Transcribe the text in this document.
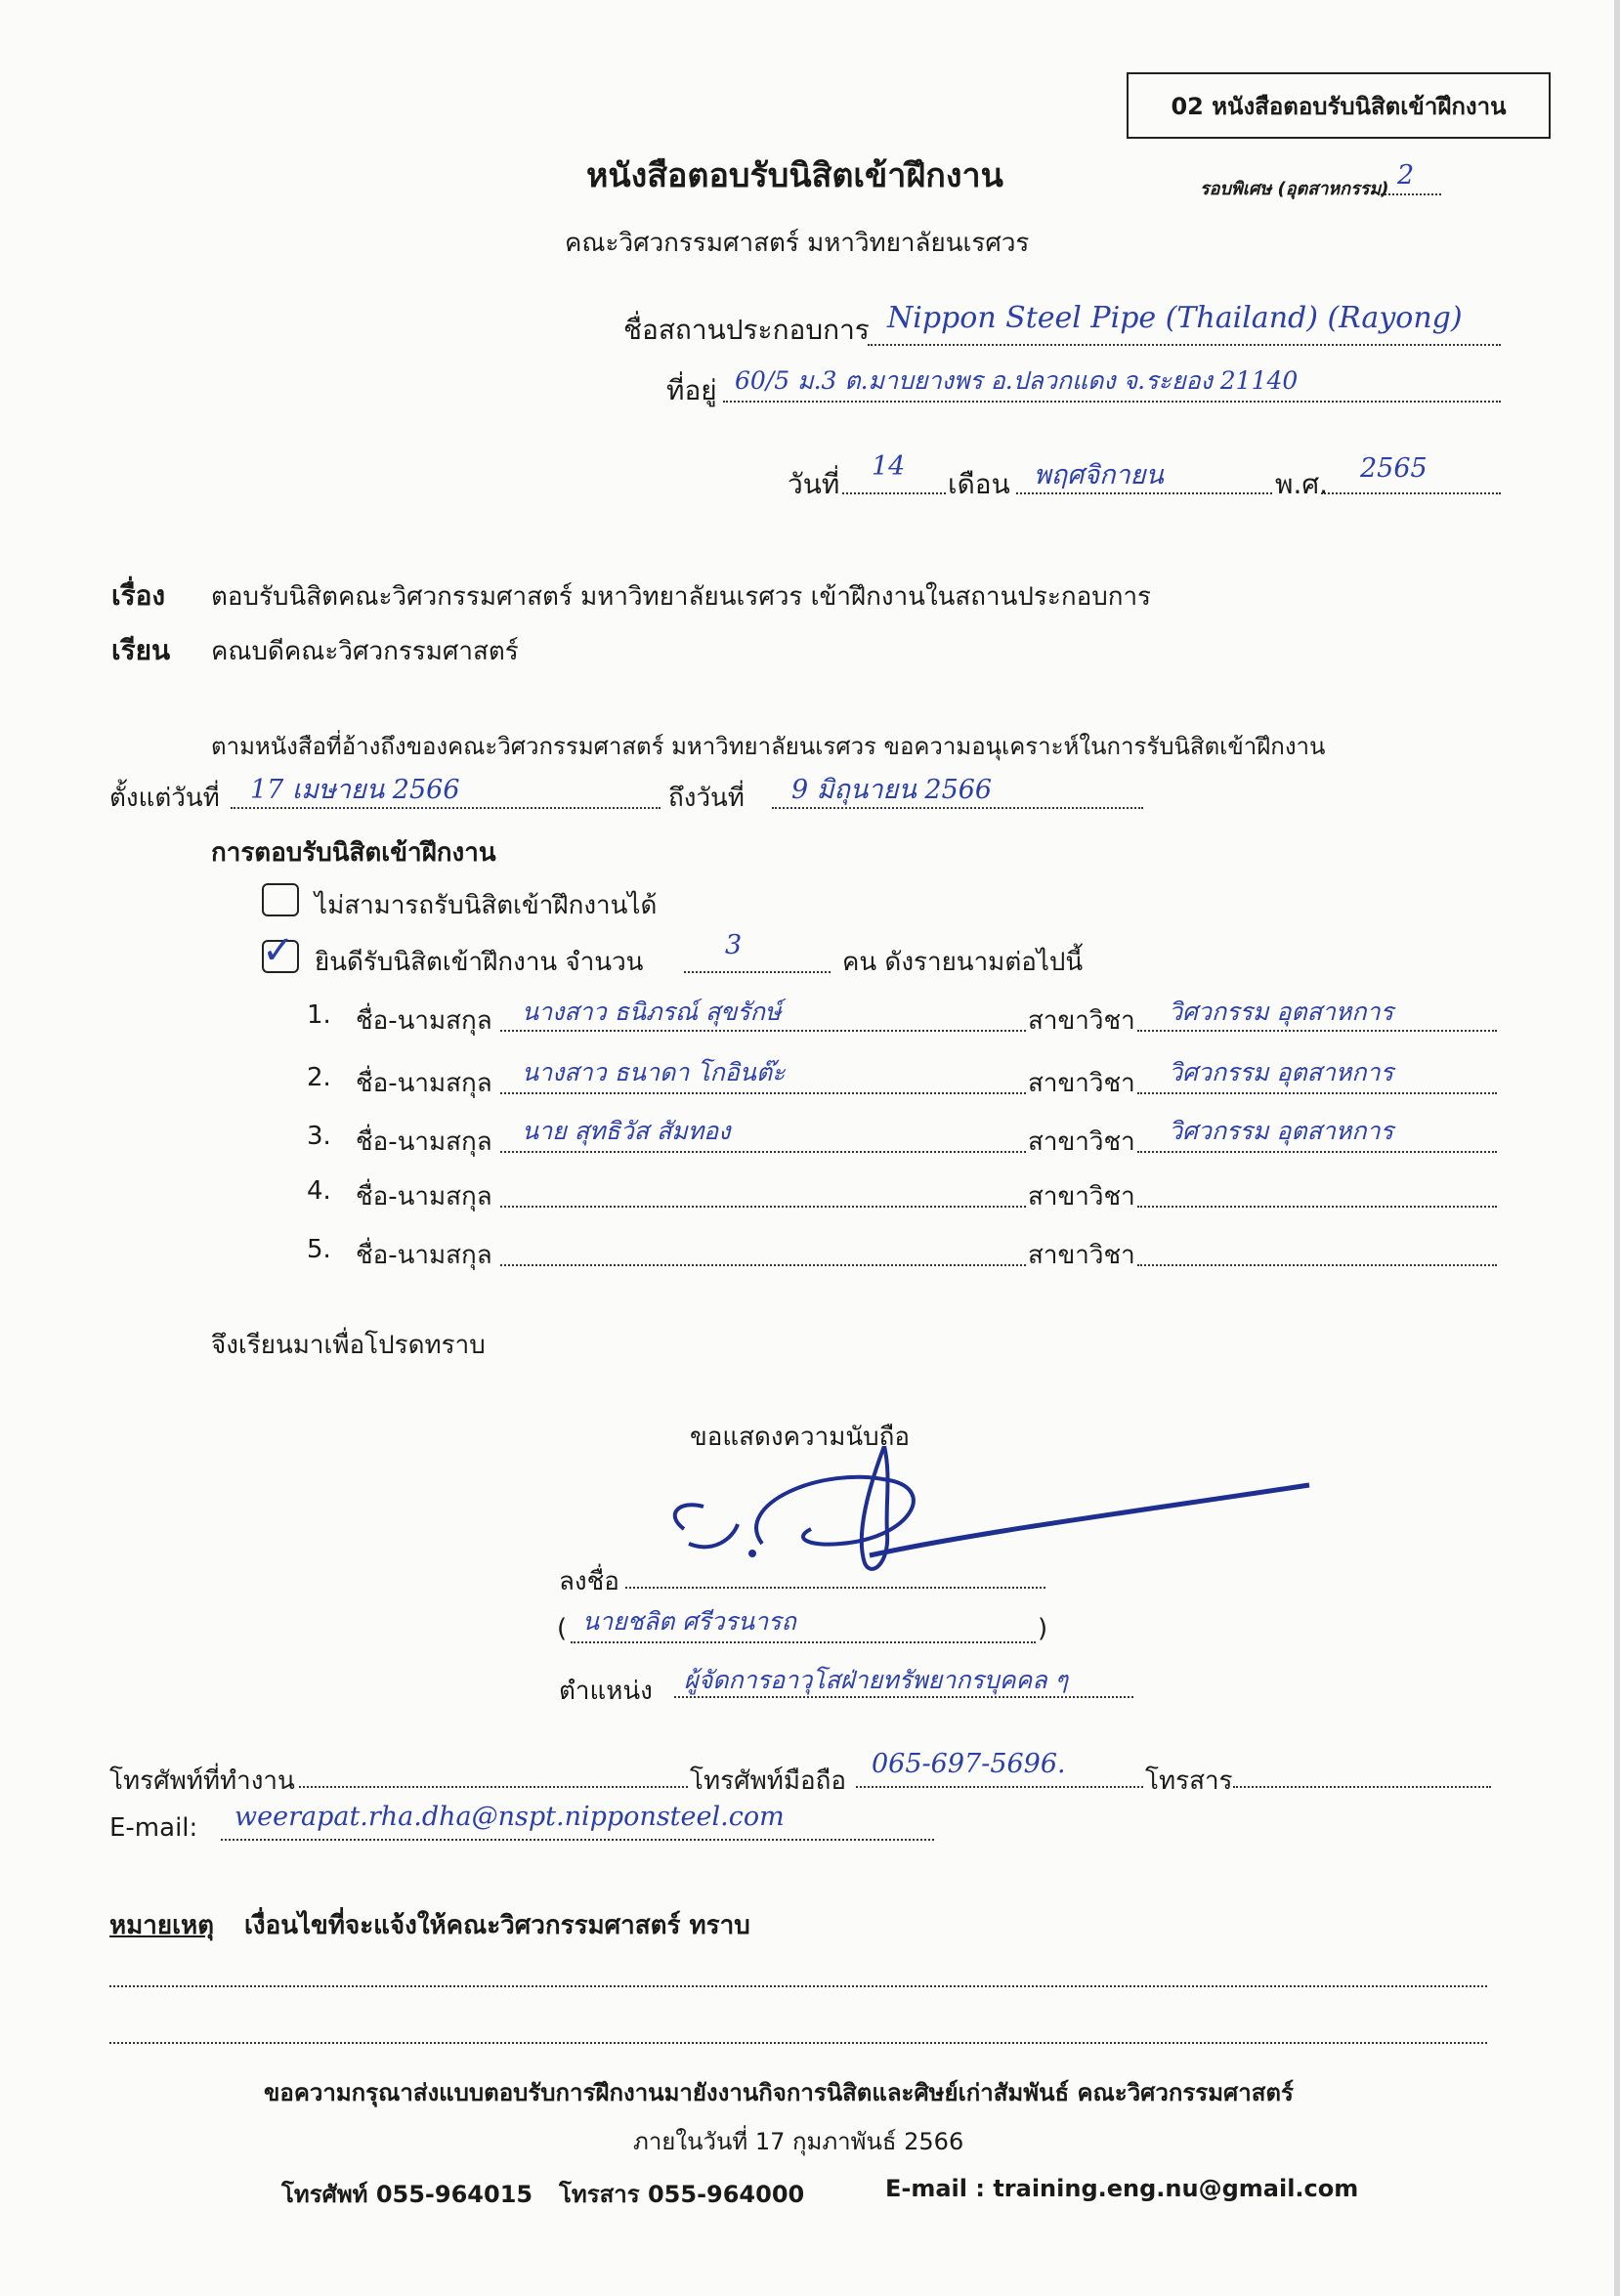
02 หนังสือตอบรับนิสิตเข้าฝึกงาน
หนังสือตอบรับนิสิตเข้าฝึกงาน	รอบพิเศษ (อุตสาหกรรม) 2
คณะวิศวกรรมศาสตร์ มหาวิทยาลัยนเรศวร
ชื่อสถานประกอบการ Nippon Steel Pipe (Thailand) (Rayong)
ที่อยู่ 60/5 ม.3 ต.มาบยางพร อ.ปลวกแดง จ.ระยอง 21140
วันที่
14
เดือน พฤศจิกายน	พ.ศ. 2565
เรื่อง ตอบรับนิสิตคณะวิศวกรรมศาสตร์ มหาวิทยาลัยนเรศวร เข้าฝึกงานในสถานประกอบการ
เรียน คณบดีคณะวิศวกรรมศาสตร์
ตามหนังสือที่อ้างถึงของคณะวิศวกรรมศาสตร์ มหาวิทยาลัยนเรศวร ขอความอนุเคราะห์ในการรับนิสิตเข้าฝึกงาน
ตั้งแต่วันที่ 17 เมษายน 2566	ถึงวันที่ 9 มิถุนายน 2566
การตอบรับนิสิตเข้าฝึกงาน
ไม่สามารถรับนิสิตเข้าฝึกงานได้
✓ ยินดีรับนิสิตเข้าฝึกงาน จำนวน
3
คน ดังรายนามต่อไปนี้
1. ชื่อ-นามสกุล นางสาว ธนิภรณ์ สุขรักษ์	สาขาวิชา วิศวกรรม อุตสาหการ
2. ชื่อ-นามสกุล นางสาว ธนาดา โกอินต๊ะ	สาขาวิชา วิศวกรรม อุตสาหการ
3. ชื่อ-นามสกุล นาย สุทธิวัส สัมทอง	สาขาวิชา วิศวกรรม อุตสาหการ
4. ชื่อ-นามสกุล	สาขาวิชา
5. ชื่อ-นามสกุล	สาขาวิชา
จึงเรียนมาเพื่อโปรดทราบ
ขอแสดงความนับถือ
ลงชื่อ
( นายชลิต ศรีวรนารถ	)
ตำแหน่ง ผู้จัดการอาวุโสฝ่ายทรัพยากรบุคคล ๆ
โทรศัพท์ที่ทำงาน	โทรศัพท์มือถือ
065-697-5696.
โทรสาร
E-mail: weerapat.rha.dha@nspt.nipponsteel.com
หมายเหตุ เงื่อนไขที่จะแจ้งให้คณะวิศวกรรมศาสตร์ ทราบ
ขอความกรุณาส่งแบบตอบรับการฝึกงานมายังงานกิจการนิสิตและศิษย์เก่าสัมพันธ์ คณะวิศวกรรมศาสตร์
ภายในวันที่ 17 กุมภาพันธ์ 2566
โทรศัพท์ 055-964015 โทรสาร 055-964000	E-mail : training.eng.nu@gmail.com
